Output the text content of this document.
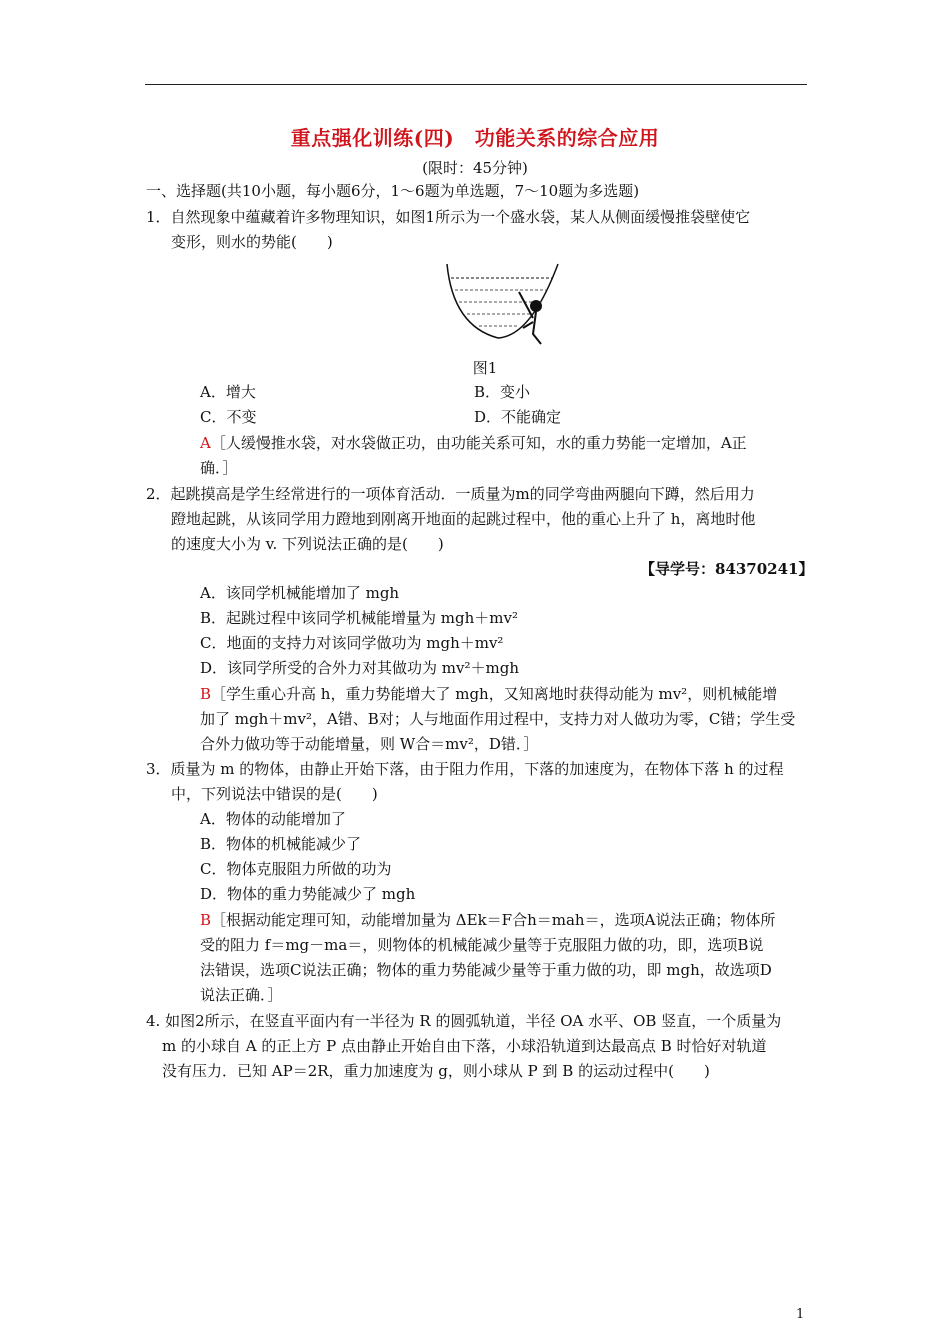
重点强化训练(四)　功能关系的综合应用
(限时：45分钟)
一、选择题(共10小题，每小题6分，1～6题为单选题，7～10题为多选题)
1．自然现象中蕴藏着许多物理知识，如图1所示为一个盛水袋，某人从侧面缓慢推袋壁使它
变形，则水的势能(　　)
图1
A．增大	B．变小
C．不变	D．不能确定
A［人缓慢推水袋，对水袋做正功，由功能关系可知，水的重力势能一定增加，A正
确．］
2．起跳摸高是学生经常进行的一项体育活动．一质量为m的同学弯曲两腿向下蹲，然后用力
蹬地起跳，从该同学用力蹬地到刚离开地面的起跳过程中，他的重心上升了 h，离地时他
的速度大小为 v. 下列说法正确的是(　　)
【导学号：84370241】
A．该同学机械能增加了 mgh
B．起跳过程中该同学机械能增量为 mgh＋mv²
C．地面的支持力对该同学做功为 mgh＋mv²
D．该同学所受的合外力对其做功为 mv²＋mgh
B［学生重心升高 h，重力势能增大了 mgh，又知离地时获得动能为 mv²，则机械能增
加了 mgh＋mv²，A错、B对；人与地面作用过程中，支持力对人做功为零，C错；学生受
合外力做功等于动能增量，则 W合＝mv²，D错．］
3．质量为 m 的物体，由静止开始下落，由于阻力作用，下落的加速度为，在物体下落 h 的过程
中，下列说法中错误的是(　　)
A．物体的动能增加了
B．物体的机械能减少了
C．物体克服阻力所做的功为
D．物体的重力势能减少了 mgh
B［根据动能定理可知，动能增加量为 ΔEk＝F合h＝mah＝，选项A说法正确；物体所
受的阻力 f＝mg－ma＝，则物体的机械能减少量等于克服阻力做的功，即，选项B说
法错误，选项C说法正确；物体的重力势能减少量等于重力做的功，即 mgh，故选项D
说法正确．］
4. 如图2所示，在竖直平面内有一半径为 R 的圆弧轨道，半径 OA 水平、OB 竖直，一个质量为
m 的小球自 A 的正上方 P 点由静止开始自由下落，小球沿轨道到达最高点 B 时恰好对轨道
没有压力．已知 AP＝2R，重力加速度为 g，则小球从 P 到 B 的运动过程中(　　)
1
